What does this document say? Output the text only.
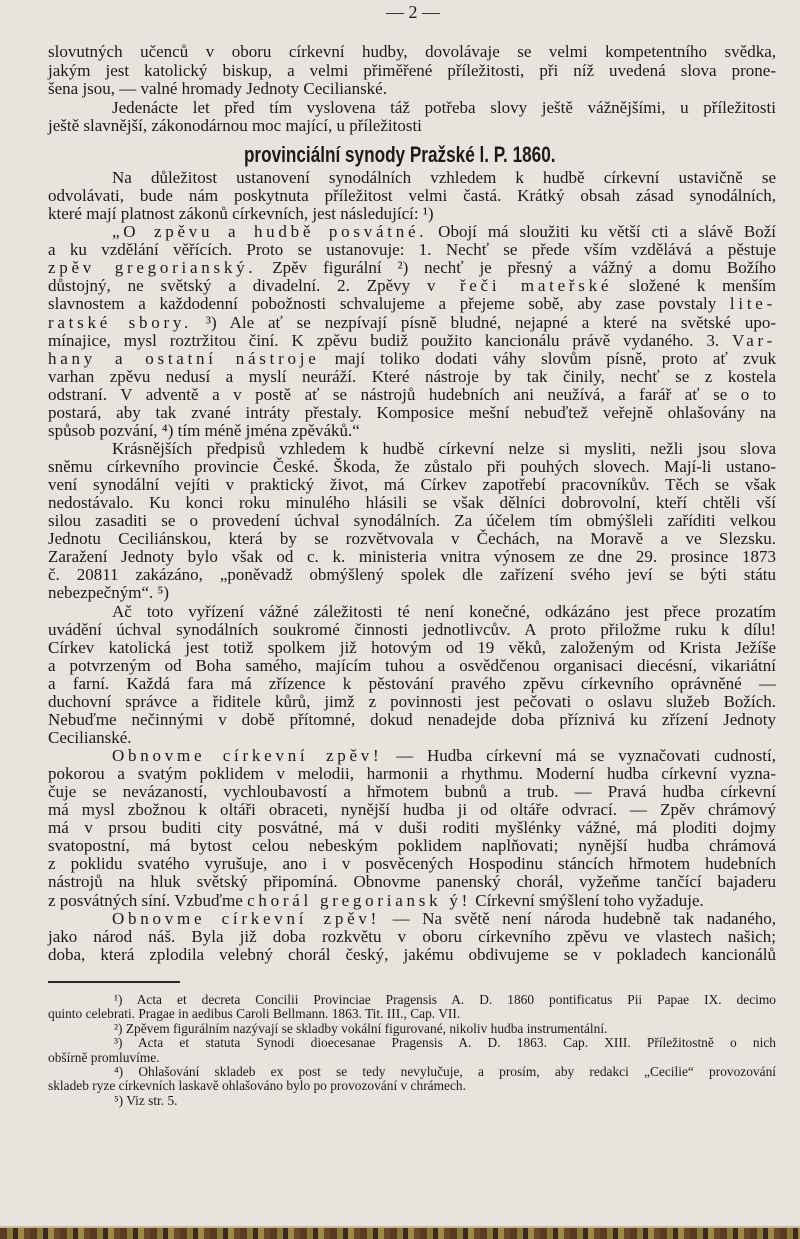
— 2 —
slovutných učenců v oboru církevní hudby, dovolávaje se velmi kompetentního svědka,
jakým jest katolický biskup, a velmi přiměřené příležitosti, při níž uvedená slova prone-
šena jsou, — valné hromady Jednoty Cecilianské.
Jedenácte let před tím vyslovena táž potřeba slovy ještě vážnějšími, u příležitosti
ještě slavnější, zákonodárnou moc mající, u příležitosti
provinciální synody Pražské l. P. 1860.
Na důležitost ustanovení synodálních vzhledem k hudbě církevní ustavičně se
odvolávati, bude nám poskytnuta příležitost velmi častá. Krátký obsah zásad synodálních,
které mají platnost zákonů církevních, jest následující: ¹)
„O zpěvu a hudbě posvátné. Obojí má sloužiti ku větší cti a slávě Boží
a ku vzdělání věřících. Proto se ustanovuje: 1. Nechť se přede vším vzdělává a pěstuje
zpěv gregorianský. Zpěv figurální ²) nechť je přesný a vážný a domu Božího
důstojný, ne světský a divadelní. 2. Zpěvy v řeči mateřské složené k menším
slavnostem a každodenní pobožnosti schvalujeme a přejeme sobě, aby zase povstaly lite-
ratské sbory. ³) Ale ať se nezpívají písně bludné, nejapné a které na světské upo-
mínajice, mysl roztržitou činí. K zpěvu budiž použito kancionálu právě vydaného. 3. Var-
hany a ostatní nástroje mají toliko dodati váhy slovům písně, proto ať zvuk
varhan zpěvu nedusí a myslí neuráží. Které nástroje by tak činily, nechť se z kostela
odstraní. V adventě a v postě ať se nástrojů hudebních ani neužívá, a farář ať se o to
postará, aby tak zvané intráty přestaly. Komposice mešní nebuďtež veřejně ohlašovány na
spůsob pozvání, ⁴) tím méně jména zpěváků.“
Krásnějších předpisů vzhledem k hudbě církevní nelze si mysliti, nežli jsou slova
sněmu církevního provincie České. Škoda, že zůstalo při pouhých slovech. Mají-li ustano-
vení synodální vejíti v praktický život, má Církev zapotřebí pracovníkův. Těch se však
nedostávalo. Ku konci roku minulého hlásili se však dělníci dobrovolní, kteří chtěli vší
silou zasaditi se o provedení úchval synodálních. Za účelem tím obmýšleli zaříditi velkou
Jednotu Ceciliánskou, která by se rozvětvovala v Čechách, na Moravě a ve Slezsku.
Zaražení Jednoty bylo však od c. k. ministeria vnitra výnosem ze dne 29. prosince 1873
č. 20811 zakázáno, „poněvadž obmýšlený spolek dle zařízení svého jeví se býti státu
nebezpečným“. ⁵)
Ač toto vyřízení vážné záležitosti té není konečné, odkázáno jest přece prozatím
uvádění úchval synodálních soukromé činnosti jednotlivcův. A proto přiložme ruku k dílu!
Církev katolická jest totiž spolkem již hotovým od 19 věků, založeným od Krista Ježíše
a potvrzeným od Boha samého, majícím tuhou a osvědčenou organisaci diecésní, vikariátní
a farní. Každá fara má zřízence k pěstování pravého zpěvu církevního oprávněné —
duchovní správce a řiditele kůrů, jimž z povinnosti jest pečovati o oslavu služeb Božích.
Nebuďme nečinnými v době přítomné, dokud nenadejde doba příznivá ku zřízení Jednoty
Cecilianské.
Obnovme církevní zpěv! — Hudba církevní má se vyznačovati cudností,
pokorou a svatým poklidem v melodii, harmonii a rhythmu. Moderní hudba církevní vyzna-
čuje se nevázaností, vychloubavostí a hřmotem bubnů a trub. — Pravá hudba církevní
má mysl zbožnou k oltáři obraceti, nynější hudba ji od oltáře odvrací. — Zpěv chrámový
má v prsou buditi city posvátné, má v duši roditi myšlénky vážné, má ploditi dojmy
svatopostní, má bytost celou nebeským poklidem naplňovati; nynější hudba chrámová
z poklidu svatého vyrušuje, ano i v posvěcených Hospodinu stáncích hřmotem hudebních
nástrojů na hluk světský připomíná. Obnovme panenský chorál, vyžeňme tančící bajaderu
z posvátných síní. Vzbuďme chorál gregoriansk ý! Církevní smýšlení toho vyžaduje.
Obnovme církevní zpěv! — Na světě není národa hudebně tak nadaného,
jako národ náš. Byla již doba rozkvětu v oboru církevního zpěvu ve vlastech našich;
doba, která zplodila velebný chorál český, jakému obdivujeme se v pokladech kancionálů
¹) Acta et decreta Concilii Provinciae Pragensis A. D. 1860 pontificatus Pii Papae IX. decimo
quinto celebrati. Pragae in aedibus Caroli Bellmann. 1863. Tit. III., Cap. VII.
²) Zpěvem figurálním nazývají se skladby vokální figurované, nikoliv hudba instrumentální.
³) Acta et statuta Synodi dioecesanae Pragensis A. D. 1863. Cap. XIII. Příležitostně o nich
obšírně promluvíme.
⁴) Ohlašování skladeb ex post se tedy nevylučuje, a prosím, aby redakci „Cecilie“ provozování
skladeb ryze církevních laskavě ohlašováno bylo po provozování v chrámech.
⁵) Viz str. 5.
